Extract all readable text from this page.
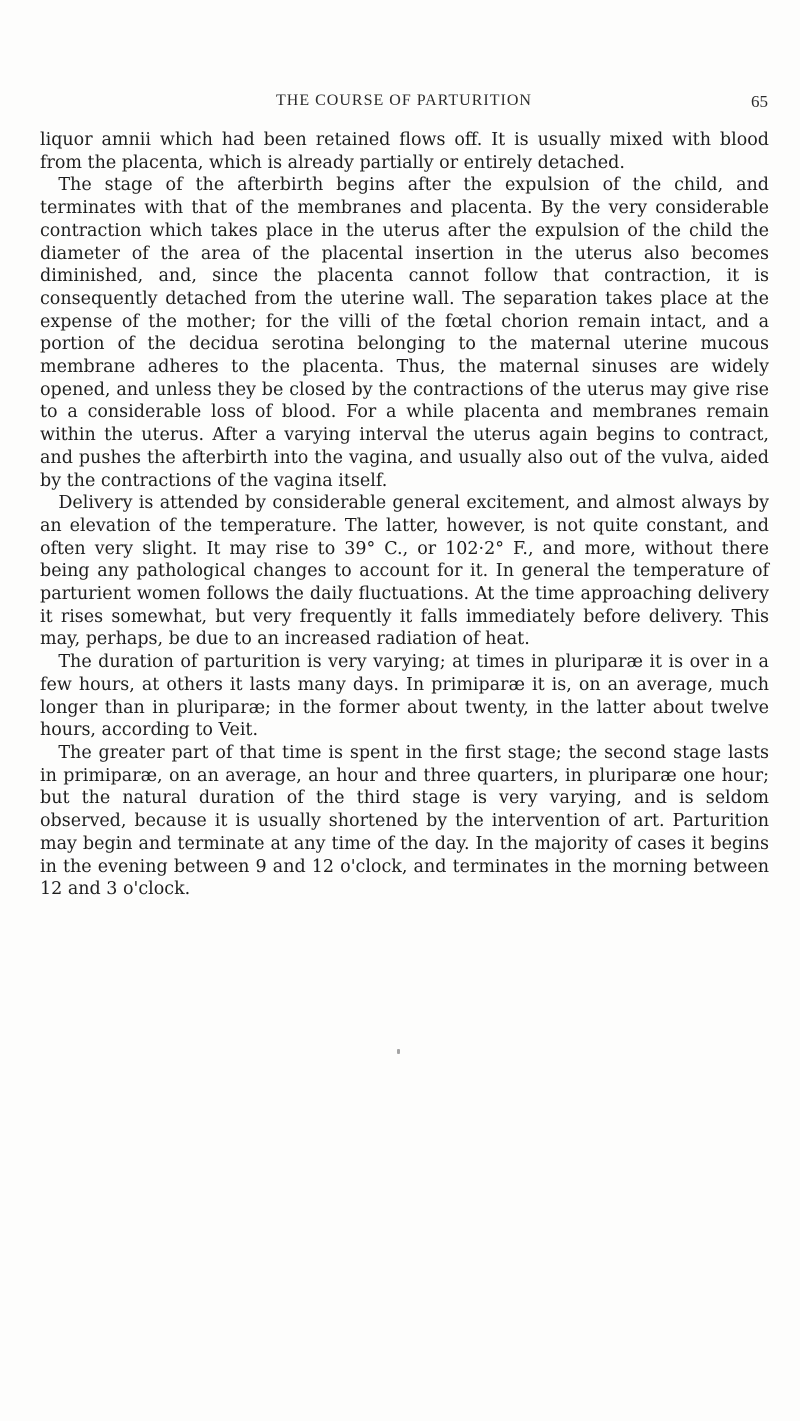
THE COURSE OF PARTURITION	65

liquor amnii which had been retained flows off. It is usually mixed with blood from the placenta, which is already partially or entirely detached.

The stage of the afterbirth begins after the expulsion of the child, and terminates with that of the membranes and placenta. By the very considerable contraction which takes place in the uterus after the expulsion of the child the diameter of the area of the placental insertion in the uterus also becomes diminished, and, since the placenta cannot follow that contraction, it is consequently detached from the uterine wall. The separation takes place at the expense of the mother; for the villi of the fœtal chorion remain intact, and a portion of the decidua serotina belonging to the maternal uterine mucous membrane adheres to the placenta. Thus, the maternal sinuses are widely opened, and unless they be closed by the contractions of the uterus may give rise to a considerable loss of blood. For a while placenta and membranes remain within the uterus. After a varying interval the uterus again begins to contract, and pushes the afterbirth into the vagina, and usually also out of the vulva, aided by the contractions of the vagina itself.

Delivery is attended by considerable general excitement, and almost always by an elevation of the temperature. The latter, however, is not quite constant, and often very slight. It may rise to 39° C., or 102·2° F., and more, without there being any pathological changes to account for it. In general the temperature of parturient women follows the daily fluctuations. At the time approaching delivery it rises somewhat, but very frequently it falls immediately before delivery. This may, perhaps, be due to an increased radiation of heat.

The duration of parturition is very varying; at times in pluriparæ it is over in a few hours, at others it lasts many days. In primiparæ it is, on an average, much longer than in pluriparæ; in the former about twenty, in the latter about twelve hours, according to Veit.

The greater part of that time is spent in the first stage; the second stage lasts in primiparæ, on an average, an hour and three quarters, in pluriparæ one hour; but the natural duration of the third stage is very varying, and is seldom observed, because it is usually shortened by the intervention of art. Parturition may begin and terminate at any time of the day. In the majority of cases it begins in the evening between 9 and 12 o'clock, and terminates in the morning between 12 and 3 o'clock.
